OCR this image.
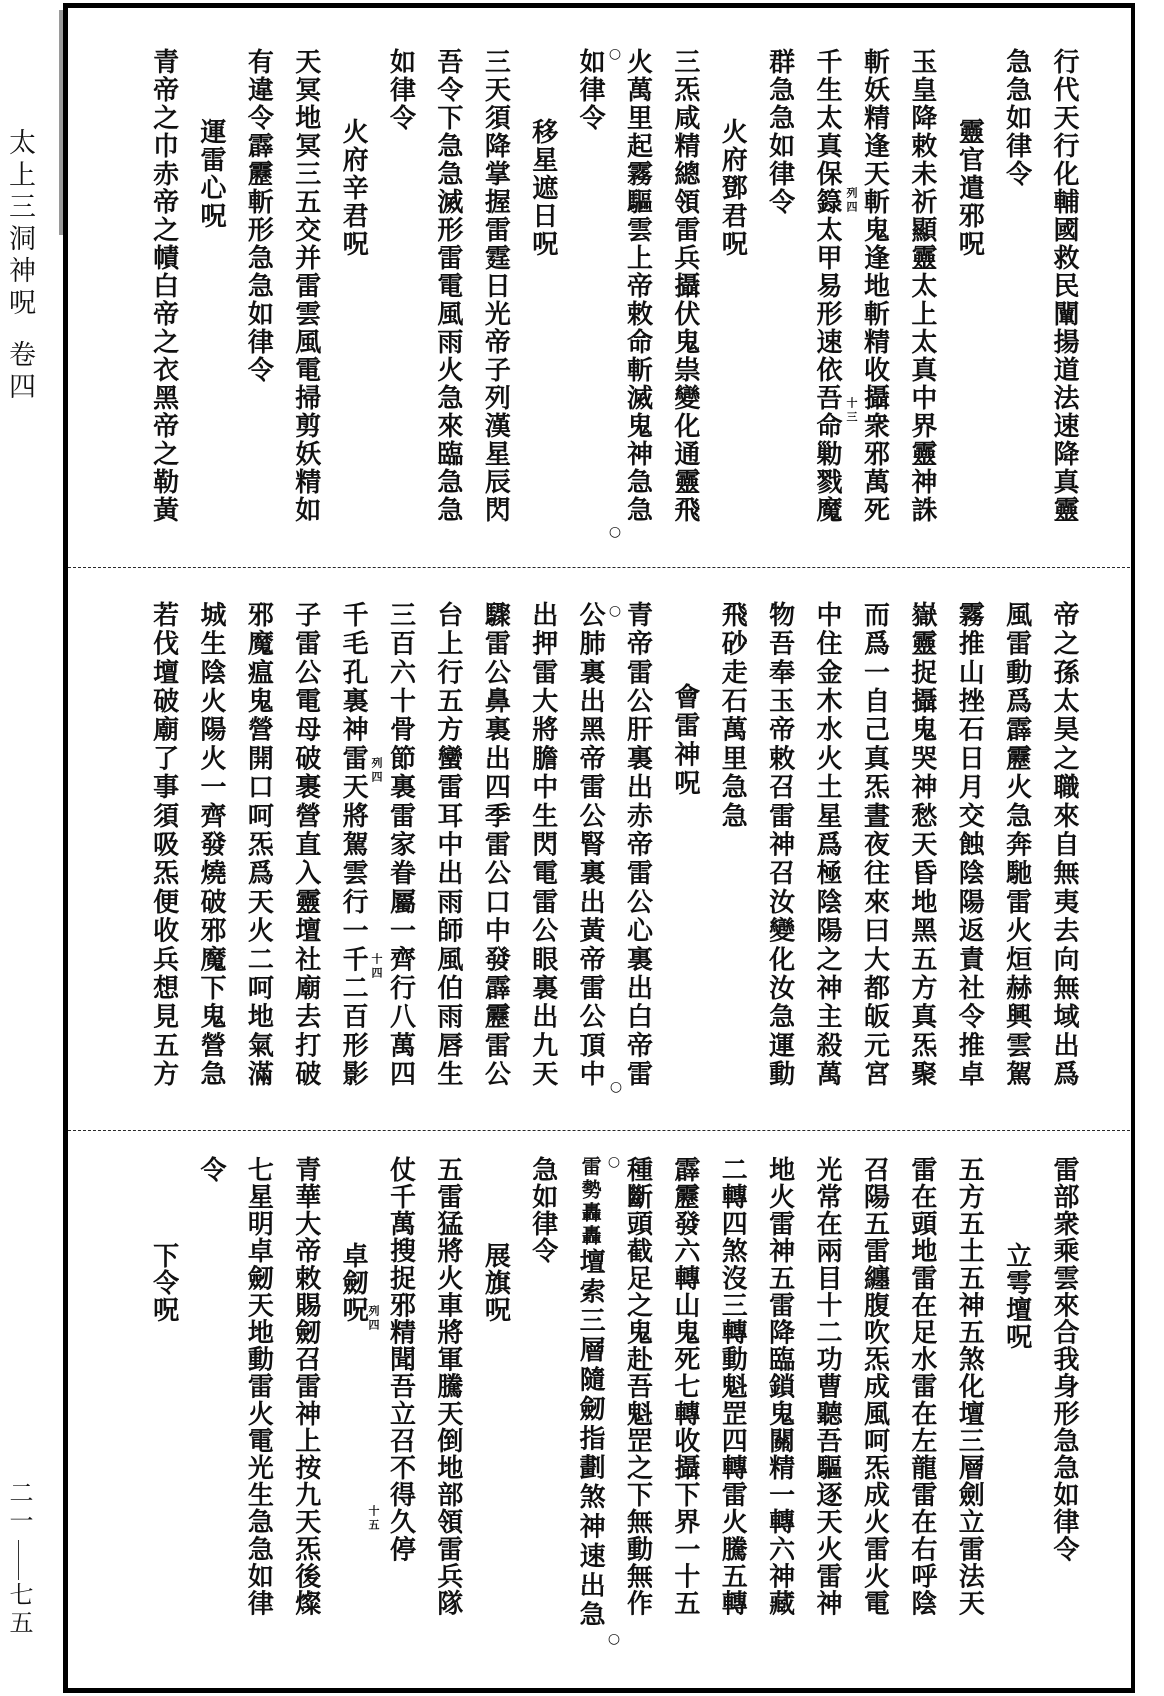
太上三洞神呪
卷四
二一
七五
行代天行化輔國救民闡揚道法速降真靈
急急如律令
靈官遣邪呪
玉皇降敕未祈顯靈太上太真中界靈神誅
斬妖精逢天斬鬼逢地斬精收攝衆邪萬死
千生太真保籙太甲易形速依吾命勦戮魔
群急急如律令
火府鄧君呪
三炁咸精總領雷兵攝伏鬼祟變化通靈飛
火萬里起霧驅雲上帝敕命斬滅鬼神急急
如律令
移星遮日呪
三天須降掌握雷霆日光帝子列漢星辰閃
吾令下急急滅形雷電風雨火急來臨急急
如律令
火府辛君呪
天冥地冥三五交并雷雲風電掃剪妖精如
有違令霹靂斬形急急如律令
運雷心呪
青帝之巾赤帝之幘白帝之衣黑帝之勒黃	列四
十三
○
○
帝之孫太昊之職來自無夷去向無域出爲
風雷動爲霹靂火急奔馳雷火烜赫興雲駕
霧推山挫石日月交蝕陰陽返責社令推卓
嶽靈捉攝鬼哭神愁天昏地黑五方真炁聚
而爲一自己真炁晝夜往來曰大都皈元宮
中住金木水火土星爲極陰陽之神主殺萬
物吾奉玉帝敕召雷神召汝變化汝急運動
飛砂走石萬里急急
會雷神呪
青帝雷公肝裏出赤帝雷公心裏出白帝雷
公肺裏出黑帝雷公腎裏出黃帝雷公頂中
出押雷大將膽中生閃電雷公眼裏出九天
驟雷公鼻裏出四季雷公口中發霹靂雷公
台上行五方蠻雷耳中出雨師風伯雨唇生
三百六十骨節裏雷家眷屬一齊行八萬四
千毛孔裏神雷天將駕雲行一千二百形影
子雷公電母破裹營直入靈壇社廟去打破
邪魔瘟鬼營開口呵炁爲天火二呵地氣滿
城生陰火陽火一齊發燒破邪魔下鬼營急
若伐壇破廟了事須吸炁便收兵想見五方	列四
十四
○
○
雷部衆乘雲來合我身形急急如律令
立雩壇呪
五方五土五神五煞化壇三層劍立雷法天
雷在頭地雷在足水雷在左龍雷在右呼陰
召陽五雷纏腹吹炁成風呵炁成火雷火電
光常在兩目十二功曹聽吾驅逐天火雷神
地火雷神五雷降臨鎖鬼關精一轉六神藏
二轉四煞沒三轉動魁罡四轉雷火騰五轉
霹靂發六轉山鬼死七轉收攝下界一十五
種斷頭截足之鬼赴吾魁罡之下無動無作
雷勢轟轟壇索三層隨劒指劃煞神速出急
急如律令
展旗呪
五雷猛將火車將軍騰天倒地部領雷兵隊
仗千萬搜捉邪精聞吾立召不得久停
卓劒呪
青華大帝敕賜劒召雷神上按九天炁後燦
七星明卓劒天地動雷火電光生急急如律
令
下令呪	列四
十五
○
○
